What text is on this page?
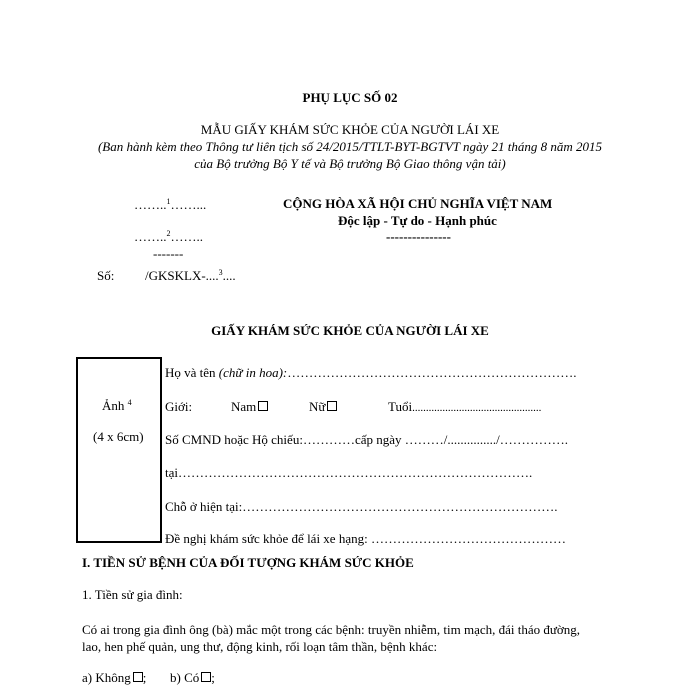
PHỤ LỤC SỐ 02
MẪU GIẤY KHÁM SỨC KHỎE CỦA NGƯỜI LÁI XE
(Ban hành kèm theo Thông tư liên tịch số 24/2015/TTLT-BYT-BGTVT ngày 21 tháng 8 năm 2015
của Bộ trưởng Bộ Y tế và Bộ trưởng Bộ Giao thông vận tải)
……..$^1$……...
……..$^2$……..
-------
Số: /GKSKLX-....$^3$....
CỘNG HÒA XÃ HỘI CHỦ NGHĨA VIỆT NAM
Độc lập - Tự do - Hạnh phúc
---------------
GIẤY KHÁM SỨC KHỎE CỦA NGƯỜI LÁI XE
Ảnh $^4$
(4 x 6cm)
Họ và tên (chữ in hoa):………………………………………………………….
Giới:	Nam	Nữ	Tuổi...............................................
Số CMND hoặc Hộ chiếu:…………cấp ngày ………/.............../…………….
tại……………………………………………………………………….
Chỗ ở hiện tại:……………………………………………………………….
Đề nghị khám sức khỏe để lái xe hạng: ………………………………………
I. TIỀN SỬ BỆNH CỦA ĐỐI TƯỢNG KHÁM SỨC KHỎE
1. Tiền sử gia đình:
Có ai trong gia đình ông (bà) mắc một trong các bệnh: truyền nhiễm, tim mạch, đái tháo đường,
lao, hen phế quản, ung thư, động kinh, rối loạn tâm thần, bệnh khác:
a) Không ; b) Có ;
